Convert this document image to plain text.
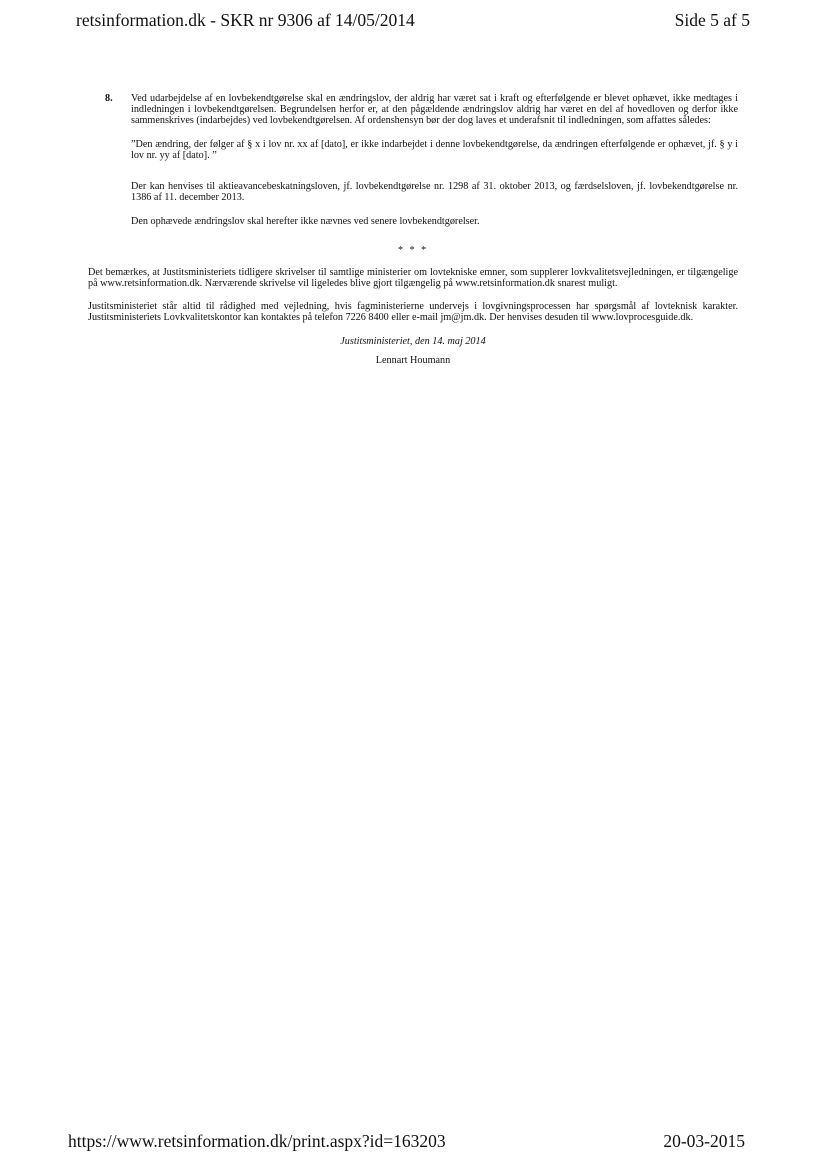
retsinformation.dk - SKR nr 9306 af 14/05/2014	Side 5 af 5
8.	Ved udarbejdelse af en lovbekendtgørelse skal en ændringslov, der aldrig har været sat i kraft og efterfølgende er blevet ophævet, ikke medtages i indledningen i lovbekendtgørelsen. Begrundelsen herfor er, at den pågældende ændringslov aldrig har været en del af hovedloven og derfor ikke sammenskrives (indarbejdes) ved lovbekendtgørelsen. Af ordenshensyn bør der dog laves et underafsnit til indledningen, som affattes således:

”Den ændring, der følger af § x i lov nr. xx af [dato], er ikke indarbejdet i denne lovbekendtgørelse, da ændringen efterfølgende er ophævet, jf. § y i lov nr. yy af [dato]. ”

Der kan henvises til aktieavancebeskatningsloven, jf. lovbekendtgørelse nr. 1298 af 31. oktober 2013, og færdselsloven, jf. lovbekendtgørelse nr. 1386 af 11. december 2013.

Den ophævede ændringslov skal herefter ikke nævnes ved senere lovbekendtgørelser.

* * *

Det bemærkes, at Justitsministeriets tidligere skrivelser til samtlige ministerier om lovtekniske emner, som supplerer lovkvalitetsvejledningen, er tilgængelige på www.retsinformation.dk. Nærværende skrivelse vil ligeledes blive gjort tilgængelig på www.retsinformation.dk snarest muligt.

Justitsministeriet står altid til rådighed med vejledning, hvis fagministerierne undervejs i lovgivningsprocessen har spørgsmål af lovteknisk karakter. Justitsministeriets Lovkvalitetskontor kan kontaktes på telefon 7226 8400 eller e-mail jm@jm.dk. Der henvises desuden til www.lovprocesguide.dk.

Justitsministeriet, den 14. maj 2014
Lennart Houmann
https://www.retsinformation.dk/print.aspx?id=163203	20-03-2015
